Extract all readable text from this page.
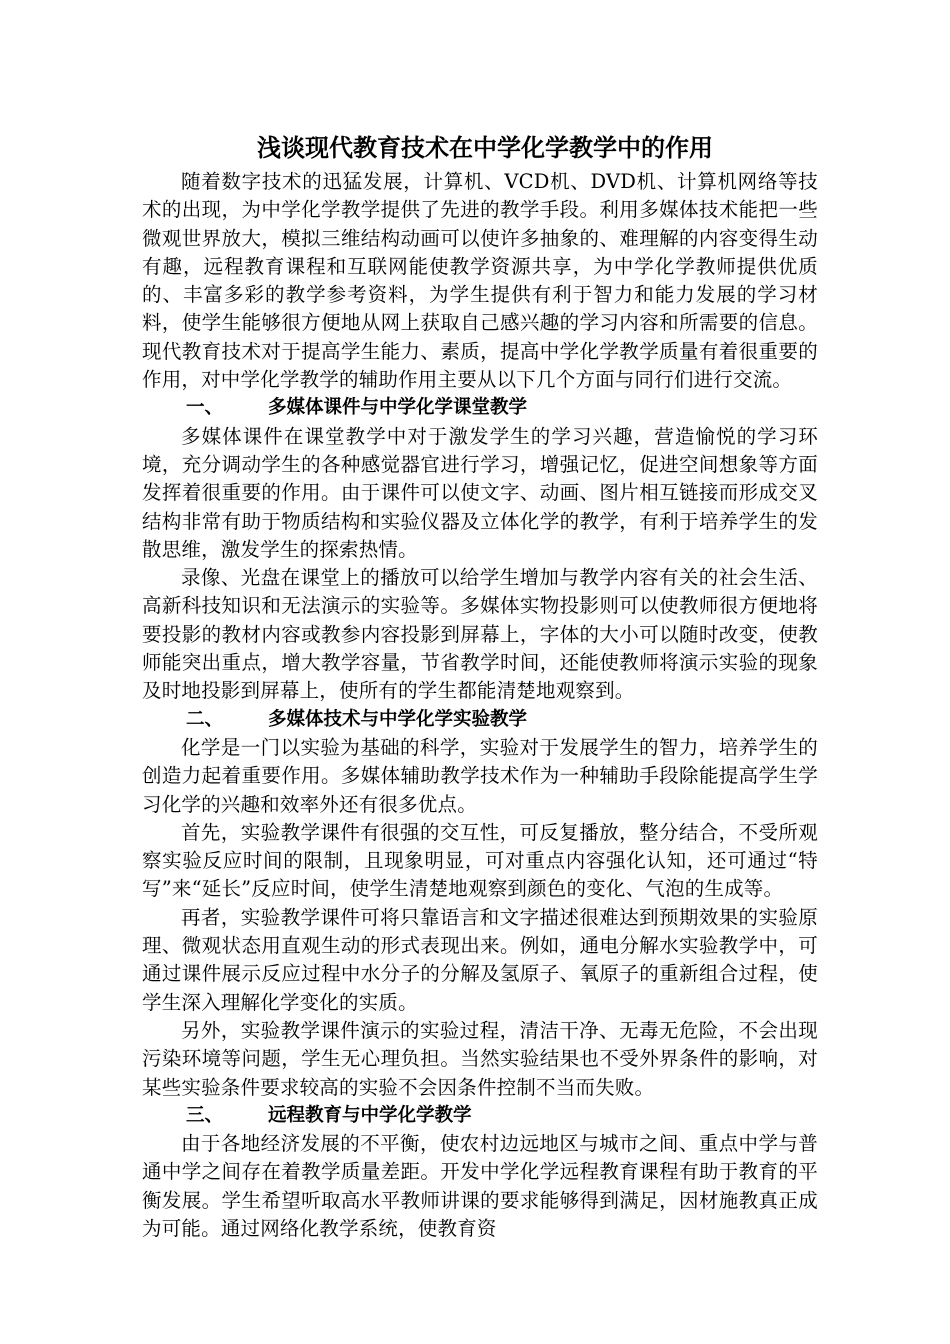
浅谈现代教育技术在中学化学教学中的作用

随着数字技术的迅猛发展，计算机、VCD机、DVD机、计算机网络等技术的出现，为中学化学教学提供了先进的教学手段。利用多媒体技术能把一些微观世界放大，模拟三维结构动画可以使许多抽象的、难理解的内容变得生动有趣，远程教育课程和互联网能使教学资源共享，为中学化学教师提供优质的、丰富多彩的教学参考资料，为学生提供有利于智力和能力发展的学习材料，使学生能够很方便地从网上获取自己感兴趣的学习内容和所需要的信息。现代教育技术对于提高学生能力、素质，提高中学化学教学质量有着很重要的作用，对中学化学教学的辅助作用主要从以下几个方面与同行们进行交流。

一、 多媒体课件与中学化学课堂教学

多媒体课件在课堂教学中对于激发学生的学习兴趣，营造愉悦的学习环境，充分调动学生的各种感觉器官进行学习，增强记忆，促进空间想象等方面发挥着很重要的作用。由于课件可以使文字、动画、图片相互链接而形成交叉结构非常有助于物质结构和实验仪器及立体化学的教学，有利于培养学生的发散思维，激发学生的探索热情。

录像、光盘在课堂上的播放可以给学生增加与教学内容有关的社会生活、高新科技知识和无法演示的实验等。多媒体实物投影则可以使教师很方便地将要投影的教材内容或教参内容投影到屏幕上，字体的大小可以随时改变，使教师能突出重点，增大教学容量，节省教学时间，还能使教师将演示实验的现象及时地投影到屏幕上，使所有的学生都能清楚地观察到。

二、 多媒体技术与中学化学实验教学

化学是一门以实验为基础的科学，实验对于发展学生的智力，培养学生的创造力起着重要作用。多媒体辅助教学技术作为一种辅助手段除能提高学生学习化学的兴趣和效率外还有很多优点。

首先，实验教学课件有很强的交互性，可反复播放，整分结合，不受所观察实验反应时间的限制，且现象明显，可对重点内容强化认知，还可通过“特写”来“延长”反应时间，使学生清楚地观察到颜色的变化、气泡的生成等。

再者，实验教学课件可将只靠语言和文字描述很难达到预期效果的实验原理、微观状态用直观生动的形式表现出来。例如，通电分解水实验教学中，可通过课件展示反应过程中水分子的分解及氢原子、氧原子的重新组合过程，使学生深入理解化学变化的实质。

另外，实验教学课件演示的实验过程，清洁干净、无毒无危险，不会出现污染环境等问题，学生无心理负担。当然实验结果也不受外界条件的影响，对某些实验条件要求较高的实验不会因条件控制不当而失败。

三、 远程教育与中学化学教学

由于各地经济发展的不平衡，使农村边远地区与城市之间、重点中学与普通中学之间存在着教学质量差距。开发中学化学远程教育课程有助于教育的平衡发展。学生希望听取高水平教师讲课的要求能够得到满足，因材施教真正成为可能。通过网络化教学系统，使教育资
